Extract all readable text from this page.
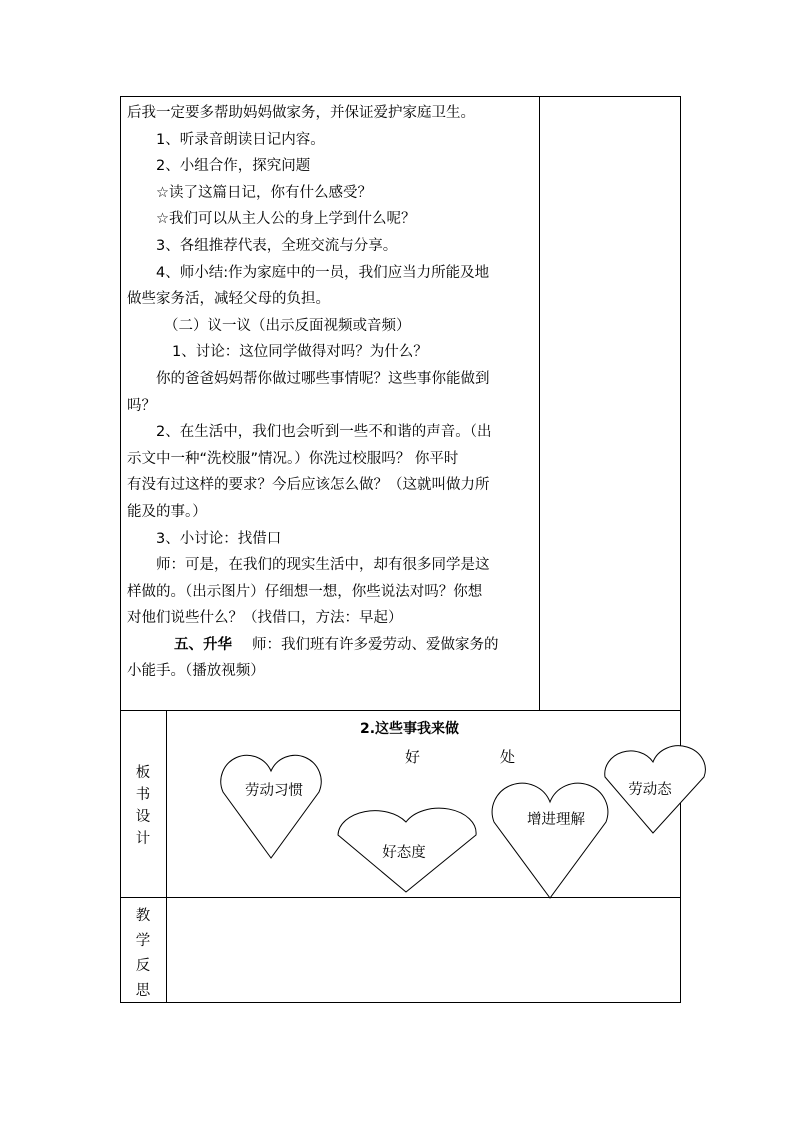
后我一定要多帮助妈妈做家务，并保证爱护家庭卫生。

1、听录音朗读日记内容。

2、小组合作，探究问题

☆读了这篇日记，你有什么感受？

☆我们可以从主人公的身上学到什么呢？

3、各组推荐代表，全班交流与分享。

4、师小结:作为家庭中的一员，我们应当力所能及地

做些家务活，减轻父母的负担。

（二）议一议（出示反面视频或音频）

1、讨论：这位同学做得对吗？为什么？

你的爸爸妈妈帮你做过哪些事情呢？这些事你能做到

吗？

2、在生活中，我们也会听到一些不和谐的声音。（出

示文中一种“洗校服”情况。）你洗过校服吗？ 你平时

有没有过这样的要求？今后应该怎么做？（这就叫做力所

能及的事。）

3、小讨论：找借口

师：可是，在我们的现实生活中，却有很多同学是这

样做的。（出示图片）仔细想一想，你些说法对吗？你想

对他们说些什么？（找借口，方法：早起）

五、升华 师：我们班有许多爱劳动、爱做家务的

小能手。（播放视频）

板
书
设
计
2.这些事我来做
好	处
劳动习惯
好态度
增进理解
劳动态
教
学
反
思
